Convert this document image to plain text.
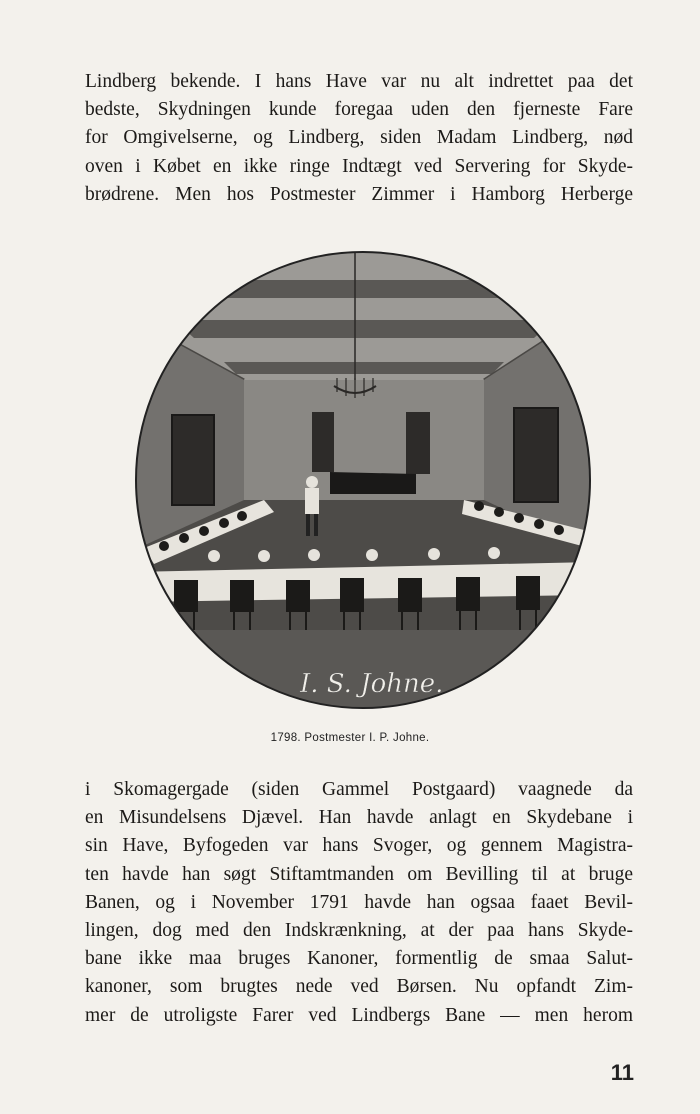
Lindberg bekende. I hans Have var nu alt indrettet paa det
bedste, Skydningen kunde foregaa uden den fjerneste Fare
for Omgivelserne, og Lindberg, siden Madam Lindberg, nød
oven i Købet en ikke ringe Indtægt ved Servering for Skyde-
brødrene. Men hos Postmester Zimmer i Hamborg Herberge
I. S. Johne.
1798. Postmester I. P. Johne.
i Skomagergade (siden Gammel Postgaard) vaagnede da
en Misundelsens Djævel. Han havde anlagt en Skydebane i
sin Have, Byfogeden var hans Svoger, og gennem Magistra-
ten havde han søgt Stiftamtmanden om Bevilling til at bruge
Banen, og i November 1791 havde han ogsaa faaet Bevil-
lingen, dog med den Indskrænkning, at der paa hans Skyde-
bane ikke maa bruges Kanoner, formentlig de smaa Salut-
kanoner, som brugtes nede ved Børsen. Nu opfandt Zim-
mer de utroligste Farer ved Lindbergs Bane — men herom
11
